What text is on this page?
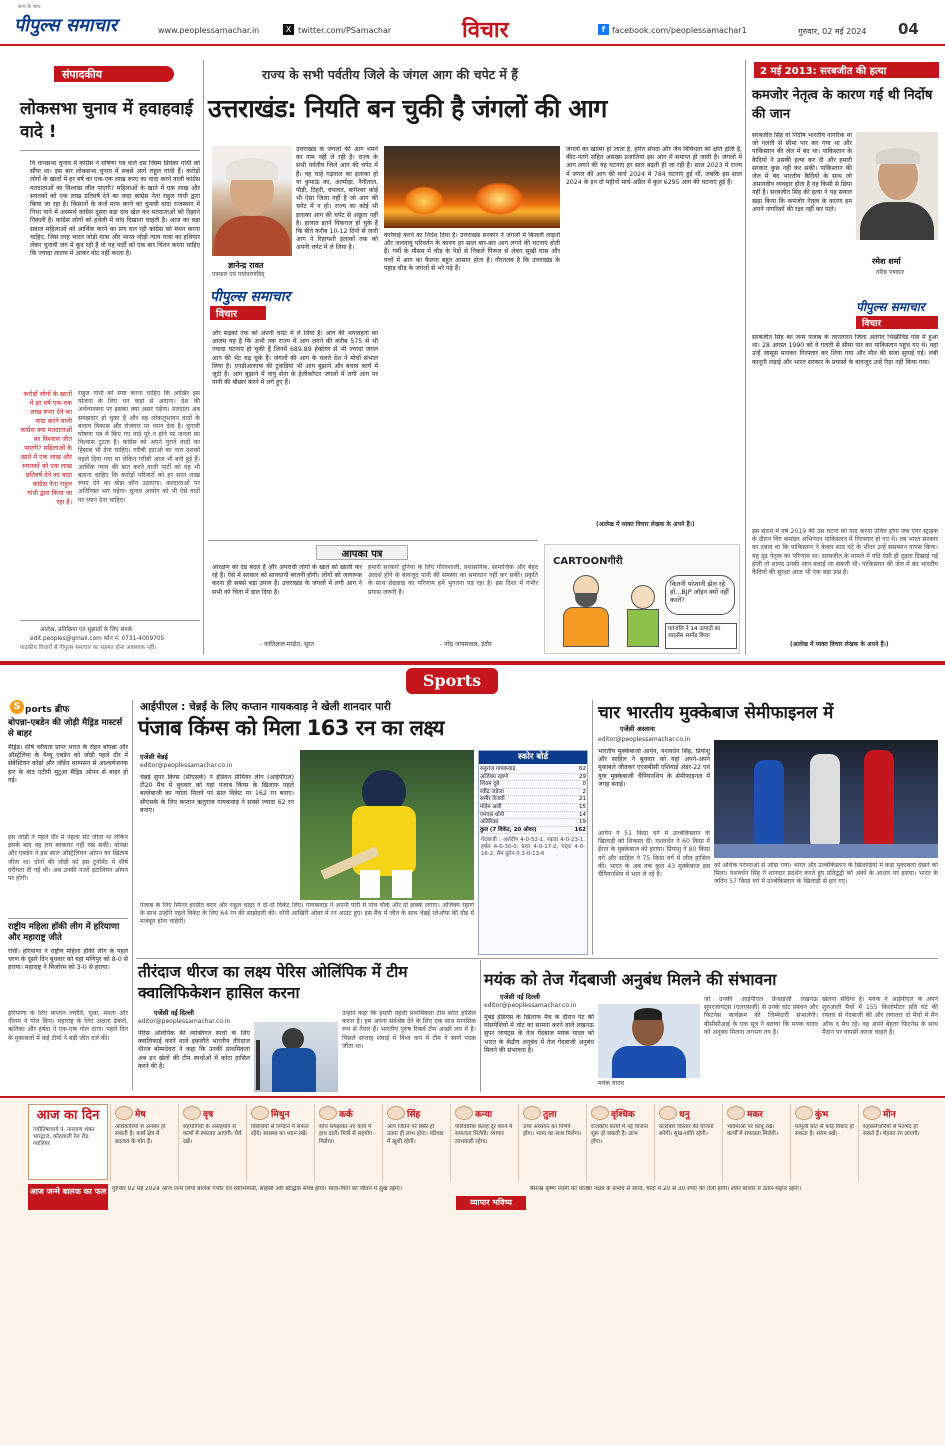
सत्य के साथ
पीपुल्स समाचार	www.peoplessamachar.in	X twitter.com/PSamachar	विचार	f facebook.com/peoplessamachar1	गुरुवार, 02 मई 2024 04
संपादकीय
लोकसभा चुनाव में हवाहवाई वादे !
वि धानसभा चुनाव में कांग्रेस ने घोषणा पत्र वाले दस जिस्म प्रियंका गांधी को सौंपा था। इस बार लोकसभा चुनाव में सबसे आगे राहुल गांधी हैं। करोड़ों लोगों के खातों में हर वर्ष का एक-एक लाख रुपए का वादा करने वाली कांग्रेस मतदाताओं का विश्वास जीत पाएगी? महिलाओं के खाते में एक लाख और स्नातकों को एक लाख प्रतिवर्ष देने का वादा कांग्रेस नेता राहुल गांधी द्वारा किया जा रहा है। किसानों के कर्ज माफ करने का चुनावी वादा राजस्थान में निभा पाने में असमर्थ कांग्रेस दूसरा बड़ा दांव खेल कर मतदाताओं को रिझाने निकली है। कांग्रेस लोगों को हथेली में चांद दिखाना चाहती है। आज का बड़ा सवाल महिलाओं को आर्थिक करने का प्रण चल रही कांग्रेस को मंथन करना चाहिए, जिस तरह भारत जोड़ो यात्रा और भारत जोड़ो न्याय यात्रा का हथियार लेकर चुनावी जंग में कूद रही है वो यह पार्टी को एक बार चिंतन करना चाहिए कि ज्यादा लालच में आकर वोट नहीं करता है।
करोड़ों लोगों के खातों में हर वर्ष एक-एक लाख रुपए देने का वादा करने वाली कांग्रेस क्या मतदाताओं का विश्वास जीत पाएगी? महिलाओं के खाते में एक लाख और स्नातकों को एक लाख प्रतिवर्ष देने का वादा कांग्रेस नेता राहुल गांधी द्वारा किया जा रहा है।
राहुल गांधी को स्पष्ट करना चाहिए कि आखिर इस योजना के लिए धन कहां से आएगा। देश की अर्थव्यवस्था पर इसका क्या असर पड़ेगा। मतदाता अब समझदार हो चुका है और वह लोकलुभावन वादों के बजाय विकास और रोजगार पर ध्यान देता है। चुनावी घोषणा पत्र में किए गए वादे पूरे न होने पर जनता का विश्वास टूटता है। कांग्रेस को अपने पुराने वादों का हिसाब भी देना चाहिए। गरीबी हटाओ का नारा दशकों पहले दिया गया था लेकिन गरीबी आज भी बनी हुई है। आर्थिक न्याय की बात करने वाली पार्टी को यह भी बताना चाहिए कि करोड़ों परिवारों को हर साल लाख रुपए देने का बोझ कौन उठाएगा। करदाताओं पर अतिरिक्त भार पड़ेगा। चुनाव आयोग को भी ऐसे वादों पर ध्यान देना चाहिए।
आलेख, प्रतिक्रिया एवं सुझावों के लिए संपर्क
edit.peoples@gmail.com फोन नं. 0731-4009705
पाठकीय विचारों से पीपुल्स समाचार का सहमत होना आवश्यक नहीं।
राज्य के सभी पर्वतीय जिले के जंगल आग की चपेट में हैं
उत्तराखंड: नियति बन चुकी है जंगलों की आग
ज्ञानेन्द्र रावत
पत्रकार एवं पर्यावरणविद्
पीपुल्स समाचार
विचार
उत्तराखंड के जंगलों की आग थमने का नाम नहीं ले रही है। राज्य के सभी पर्वतीय जिले आग की चपेट में हैं। वह चाहे गढ़वाल का इलाका हो या कुमाऊं का, अल्मोड़ा, नैनीताल, पौड़ी, टिहरी, चंपावत, बागेश्वर कोई भी ऐसा जिला नहीं है जो आग की चपेट में न हो। राज्य का कोई भी इलाका आग की चपेट से अछूता नहीं है। हालात इतने विकराल हो चुके हैं कि बीते करीब 10-12 दिनों से जारी आग ने रिहायशी इलाकों तक को अपनी चपेट में ले लिया है।
और सड़कों तक को अपनी चपेट में ले लिया है। आग की भयावहता का आलम यह है कि अभी तक राज्य में आग लगने की करीब 575 से भी ज्यादा घटनाएं हो चुकी हैं जिनमें 689.89 हेक्टेयर से भी ज्यादा जंगल आग की भेंट चढ़ चुके हैं। जंगलों की आग के चलते देश ने मोर्चा संभाल लिया है। एनडीआरएफ की टुकड़ियां भी आग बुझाने और बचाव कार्य में जुटी हैं। आग बुझाने में वायु सेना के हेलीकॉप्टर जंगलों में लगी आग पर पानी की बौछार करने में लगे हुए हैं।
कार्रवाई करने का निर्देश दिया है। उत्तराखंड सरकार ने जंगलों में बिजली लाइनों और जलवायु परिवर्तन के कारण हर साल बार-बार आग लगने की घटनाएं होती हैं। गर्मी के मौसम में चीड़ के पेड़ों से निकले पिरूल से लेकर सूखी घास और पत्तों में आग का फैलना बहुत आसान होता है। गौरतलब है कि उत्तराखंड के पहाड़ चीड़ के जंगलों से भरे पड़े हैं।
जंगलों का खात्मा हो जाता है, हरित संपदा और जैव विविधता को क्षति होती है, कीट-पतंगे सहित असंख्य प्रजातियां इस आग में समाप्त हो जाती हैं। जंगलों में आग लगने की यह घटनाएं हर साल बढ़ती ही जा रही हैं। साल 2023 में राज्य में जंगल की आग की मार्च 2024 में 784 घटनाएं हुई थीं, जबकि इस साल 2024 के इन दो महीनों मार्च-अप्रैल में कुल 6295 आग की घटनाएं हुई हैं।
(आलेख में व्यक्त विचार लेखक के अपने हैं।)
2 मई 2013: सरबजीत की हत्या
कमजोर नेतृत्व के कारण गई थी निर्दोष की जान
सरबजीत सिंह वो निर्दोष भारतीय नागरिक था जो गलती से सीमा पार कर गया था और पाकिस्तान की जेल में बंद था। पाकिस्तान के कैदियों ने उसकी हत्या कर दी और हमारी सरकार कुछ नहीं कर सकी। पाकिस्तान की जेल में बंद भारतीय कैदियों के साथ जो अमानवीय व्यवहार होता है वह किसी से छिपा नहीं है। सरबजीत सिंह की हत्या ने यह सवाल खड़ा किया कि कमजोर नेतृत्व के कारण हम अपने नागरिकों की रक्षा नहीं कर पाते।
रमेश शर्मा
वरिष्ठ पत्रकार
पीपुल्स समाचार
विचार
सरबजीत सिंह का जन्म पंजाब के तरनतारन जिला अंतर्गत भिखीविंड गांव में हुआ था। 28 अगस्त 1990 को वे गलती से सीमा पार कर पाकिस्तान पहुंच गए थे। वहां उन्हें जासूस मानकर गिरफ्तार कर लिया गया और मौत की सजा सुनाई गई। लंबी कानूनी लड़ाई और भारत सरकार के प्रयासों के बावजूद उन्हें रिहा नहीं किया गया।
इस संदर्भ में वर्ष 2019 की उस घटना को याद करना उचित होगा जब एयर स्ट्राइक के दौरान विंग कमांडर अभिनंदन पाकिस्तान में गिरफ्तार हो गए थे। तब भारत सरकार का दबाव था कि पाकिस्तान ने केवल साठ घंटे के भीतर उन्हें ससम्मान वापस किया। यह दृढ़ नेतृत्व का परिणाम था। सरबजीत के मामले में यदि ऐसी ही दृढ़ता दिखाई गई होती तो शायद उनकी जान बचाई जा सकती थी। पाकिस्तान की जेल में बंद भारतीय कैदियों की सुरक्षा आज भी एक बड़ा प्रश्न है।
(आलेख में व्यक्त विचार लेखक के अपने हैं।)
आपका पत्र
आरक्षण का दंड बदल है और अपराधी लोगों के खाते को खाली कर रहे हैं। ऐसे में सरकार को सावधानी बरतनी होगी। लोगों को जागरूक करना ही सबसे बड़ा उपाय है। उत्तराखंड के जंगलों में लगी आग ने सभी को चिंता में डाल दिया है।
हमारी सरकारें दुनिया के लिए गौरवशाली, प्रशासनिक, सामाजिक और बेहद आदर्श होने के बावजूद पानी की समस्या का समाधान नहीं कर सकीं। प्रकृति के साथ छेड़छाड़ का परिणाम हमें भुगतना पड़ रहा है। इस दिशा में गंभीर प्रयास जरूरी हैं।
- कांतिलाल मांडोत, सूरत	- नरेंद्र जायसवाल, इंदौर
CARTOONगीरी
कितनी परेशानी झेल रहे हो...BJP जॉइन क्यों नहीं करते?
पतंजलि ने 14 उत्पादों का लाइसेंस सस्पेंड किया
Sports
S ports ब्रीफ
बोपन्ना-एबडेन की जोड़ी मैड्रिड मास्टर्स से बाहर
मैड्रिड। शीर्ष वरीयता प्राप्त भारत के रोहन बोपन्ना और ऑस्ट्रेलिया के मैथ्यू एबडेन को जोड़ी पहले दौर में सेबेस्टियन कोर्डा और जॉर्डन थाम्पसन से आश्चर्यजनक हार के बाद एटीपी मुटुआ मैड्रिड ओपन से बाहर हो गई।
इस जोड़ी ने पहले दौर में पहला सेट जीता था लेकिन इसके बाद वह लय बरकरार नहीं रख सकी। बोपन्ना और एबडेन ने इस साल ऑस्ट्रेलियन ओपन का खिताब जीता था। दोनों की जोड़ी को इस टूर्नामेंट में शीर्ष वरीयता दी गई थी। अब उनकी नजरें इटालियन ओपन पर होंगी।
राष्ट्रीय महिला हॉकी लीग में हरियाणा और महाराष्ट्र जीते
रांची। हरियाणा ने राष्ट्रीय महिला हॉकी लीग के पहले चरण के दूसरे दिन बुधवार को यहां मणिपुर को 8-0 से हराया। महाराष्ट्र ने मिजोरम को 3-0 से हराया।
हरियाणा के लिए कप्तान ज्योति, पूजा, ममता और नीलम ने गोल किए। महाराष्ट्र के लिए अक्षता ढेकले, ऋतिका और हर्षदा ने एक-एक गोल दागा। पहले दिन के मुकाबलों में कई टीमों ने बड़ी जीत दर्ज की।
आईपीएल : चेन्नई के लिए कप्तान गायकवाड़ ने खेली शानदार पारी
पंजाब किंग्स को मिला 163 रन का लक्ष्य
एजेंसी चेन्नई
editor@peoplessamachar.co.in
चेन्नई सुपर किंग्स (सीएसके) ने इंडियन प्रीमियर लीग (आईपीएल) टी20 मैच में बुधवार को यहां पंजाब किंग्स के खिलाफ पहले बल्लेबाजी का न्योता मिलने पर सात विकेट पर 162 रन बनाए। सीएसके के लिए कप्तान ऋतुराज गायकवाड़ ने सबसे ज्यादा 62 रन बनाए।
पंजाब के लिए स्पिनर हरप्रीत बरार और राहुल चाहर ने दो-दो विकेट लिए। गायकवाड़ ने अपनी पारी में पांच चौके और दो छक्के लगाए। अजिंक्य रहाणे के साथ उन्होंने पहले विकेट के लिए 64 रन की साझेदारी की। धोनी आखिरी ओवर में रन आउट हुए। इस मैच में जीत के साथ चेन्नई प्लेऑफ की दौड़ में मजबूत होना चाहेगी।
स्कोर बोर्ड
रुतुराज गायकवाड़	62
अजिंक्य रहाणे	29
शिवम दुबे	0
रवींद्र जडेजा	2
समीर रिजवी	21
मोईन अली	15
एमएस धोनी	14
अतिरिक्त	19
कुल (7 विकेट, 20 ओवर)	162
गेंदबाजी : अर्शदीप 4-0-52-1, रबाडा 4-0-23-1, हर्षल 4-0-30-0, बरार 4-0-17-2, चाहर 4-0-16-2, सैम कुरेन 0.3-0-13-0
चार भारतीय मुक्केबाज सेमीफाइनल में
एजेंसी अस्ताना
editor@peoplessamachar.co.in
भारतीय मुक्केबाजों आर्यन, यशवर्धन सिंह, प्रियांशु और साहिल ने बुधवार को यहां अपने-अपने मुकाबले जीतकर एएसबीसी एशियाई अंडर-22 एवं युवा मुक्केबाजी चैंपियनशिप के सेमीफाइनल में जगह बनाई।
आर्यन ने 51 किग्रा वर्ग में उज्बेकिस्तान के खिलाड़ी को शिकस्त दी। यशवर्धन ने 60 किग्रा में ईरान के मुक्केबाज को हराया। प्रियांशु ने 80 किग्रा वर्ग और साहिल ने 75 किग्रा वर्ग में जीत हासिल की। भारत के अब तक कुल 43 मुक्केबाज इस चैंपियनशिप में भाग ले रहे हैं।
को अधिक परंपराओं से जोड़ा गया। भारत और उज्बेकिस्तान के खिलाड़ियों में कड़ा मुकाबला देखने को मिला। यशवर्धन सिंह ने शानदार प्रदर्शन करते हुए प्रतिद्वंद्वी को अंकों के आधार पर हराया। भारत के जतिन 57 किग्रा वर्ग में उज्बेकिस्तान के खिलाड़ी से हार गए।
तीरंदाज धीरज का लक्ष्य पेरिस ओलिंपिक में टीम क्वालिफिकेशन हासिल करना
एजेंसी नई दिल्ली
editor@peoplessamachar.co.in
पेरिस ओलंपिक की व्यक्तिगत स्पर्धा के लिए क्वालिफाई करने वाले इकलौते भारतीय तीरंदाज धीरज बोम्मदेवरा ने कहा कि उनकी प्राथमिकता अब इन खेलों की टीम स्पर्धाओं में कोटा हासिल करने की है।
उन्होंने कहा कि हमारी पहली प्राथमिकता टीम कोटा हासिल करना है। हम अपना सर्वश्रेष्ठ देने के लिए एक साथ मानसिक रूप से तैयार हैं। भारतीय पुरुष रिकर्व टीम अच्छी लय में है। पिछले सप्ताह शंघाई में विश्व कप में टीम ने स्वर्ण पदक जीता था।
मयंक को तेज गेंदबाजी अनुबंध मिलने की संभावना
एजेंसी नई दिल्ली
editor@peoplessamachar.co.in
मुंबई इंडियंस के खिलाफ मैच के दौरान पेट की मांसपेशियों में चोट का सामना करने वाले लखनऊ सुपर जायंट्स के तेज गेंदबाज मयंक यादव को भारत के केंद्रीय अनुबंध में तेज गेंदबाजी अनुबंध मिलने की संभावना है।
मयंक यादव
जो उनकी आईपीएल फ्रेंचाइजी लखनऊ सुपरजायंट्स (एलएसजी) से उनके चोट प्रबंधन और फिटनेस कार्यक्रम की जिम्मेदारी संभालेगी। बीसीसीआई के एक सूत्र ने बताया कि मयंक यादव को अनुबंध मिलना लगभग तय है।
खेलना संदिग्ध है। मयंक ने आईपीएल के अपने शुरुआती मैचों में 155 किलोमीटर प्रति घंटे की रफ्तार से गेंदबाजी की और लगातार दो मैचों में मैन ऑफ द मैच रहे। वह अपने बेहतर फिटनेस के साथ मैदान पर वापसी करना चाहते हैं।
आज का दिन
ज्योतिषाचार्य पं. नारायण शंकर भारद्वाज, कोठवाली रेल रोड, ग्वालियर
आज जन्मे बालक का फल
मेष
अधिकारियों से अनबन हो सकती है। कार्य क्षेत्र में बदलाव के योग हैं।
वृष
सहयोगियों के असहयोग से कामों में रुकावट आएगी। धैर्य रखें।
मिथुन
विरोधियों से निपटने में सफल रहेंगे। स्वास्थ्य का ध्यान रखें।
कर्क
सोच समझकर नए कार्य में हाथ डालें। मित्रों से सहयोग मिलेगा।
सिंह
आप जितने पर स्थिर हों उतना ही लाभ होगा। परिवार में खुशी रहेगी।
कन्या
पारिवारिक कलह दूर करने में सफलता मिलेगी। व्यापार लाभकारी रहेगा।
तुला
उच्च अध्ययन का निर्णय होगा। भाग्य का साथ मिलेगा।
वृश्चिक
राजकीय कार्यों में नई योजना शुरू हो सकती है। लाभ होगा।
धनु
कारोबार विस्तार की योजना बनेगी। सुख-शांति रहेगी।
मकर
भावनाओं पर काबू रखें। कार्यों में सफलता मिलेगी।
कुंभ
मामूली बात से कोई विवाद हो सकता है। संयम रखें।
मीन
सहकर्मचारियों से मतभेद हो सकते हैं। मेहनत रंग लाएगी।
गुरुवार 02 मई 2024 आज जन्म लिया बालक गंभीर एवं स्वाभिमानी, साहसी और बौद्धिक संपन्न होगा। माता-पिता को जीवन में सुख रहेगा।
व्यापार भविष्य
बैसाख कृष्ण नवमी को धनिष्ठा नक्षत्र के प्रभाव से सोना, चांदी में 20 से 30 रुपए की तेजी होगी। शेयर बाजार में उतार-चढ़ाव रहेगा।
